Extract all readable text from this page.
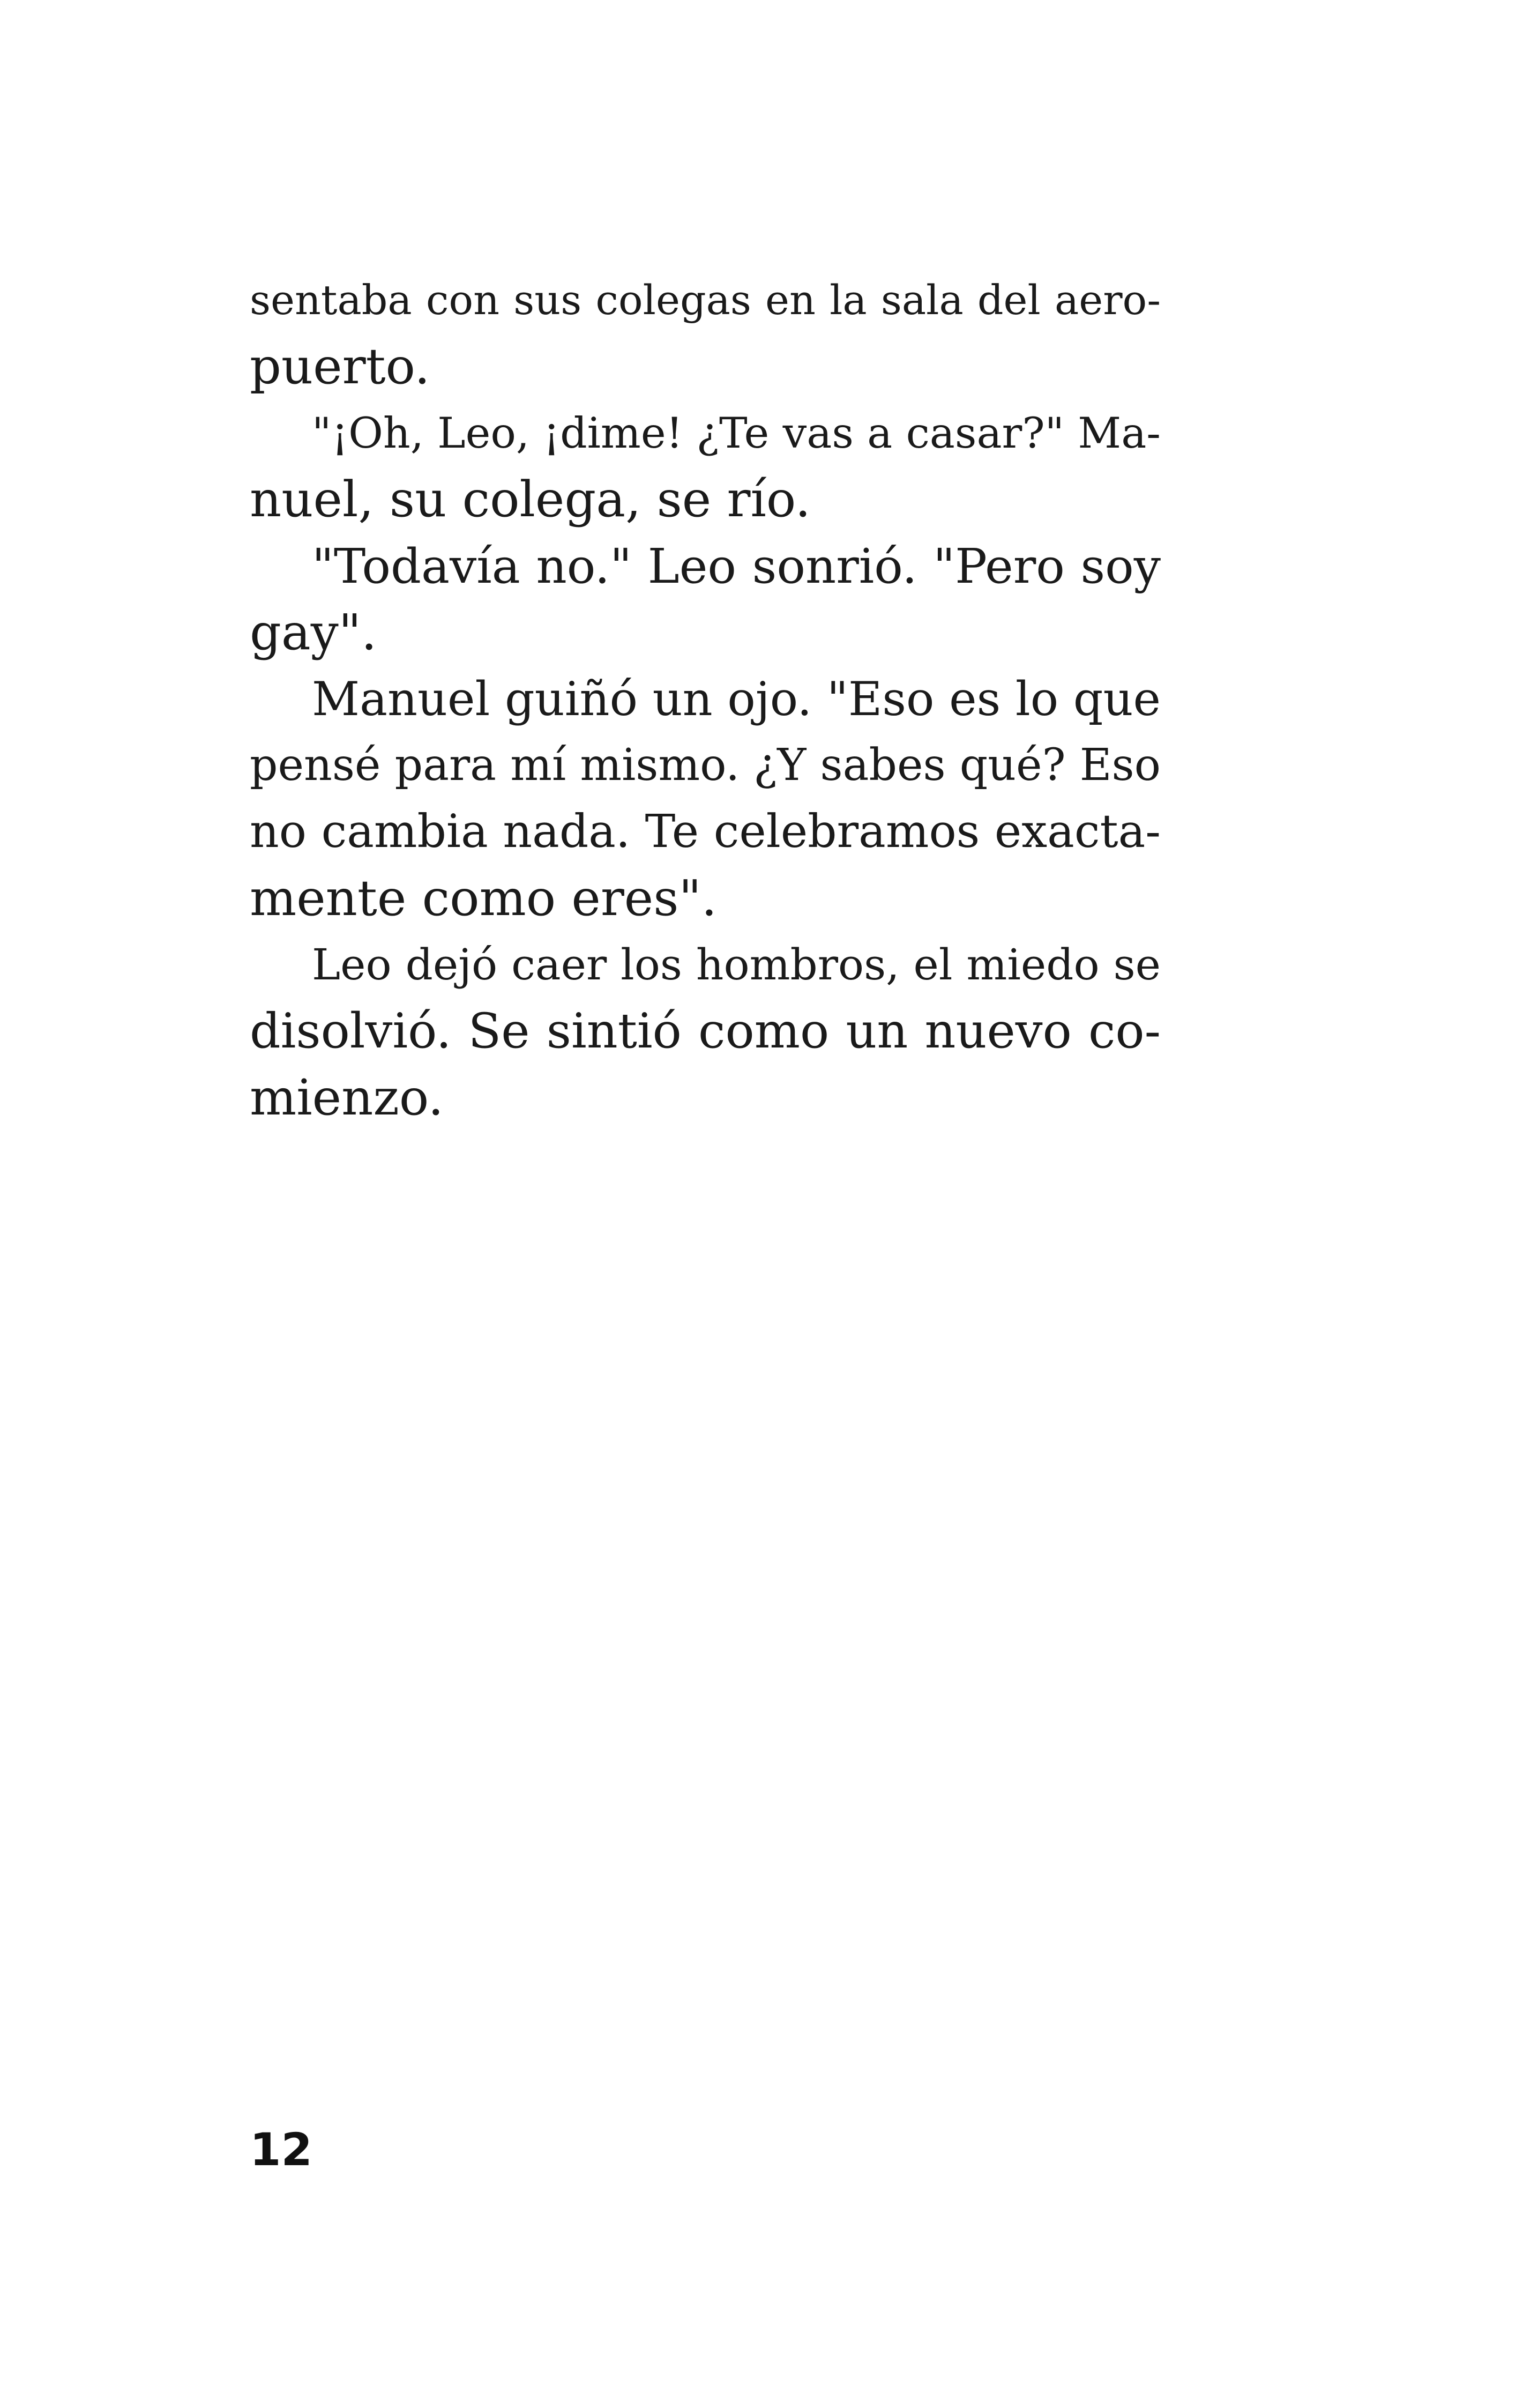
sentaba con sus colegas en la sala del aero-
puerto.
"¡Oh, Leo, ¡dime! ¿Te vas a casar?" Ma-
nuel, su colega, se río.
"Todavía no." Leo sonrió. "Pero soy
gay".
Manuel guiñó un ojo. "Eso es lo que
pensé para mí mismo. ¿Y sabes qué? Eso
no cambia nada. Te celebramos exacta-
mente como eres".
Leo dejó caer los hombros, el miedo se
disolvió. Se sintió como un nuevo co-
mienzo.
12
